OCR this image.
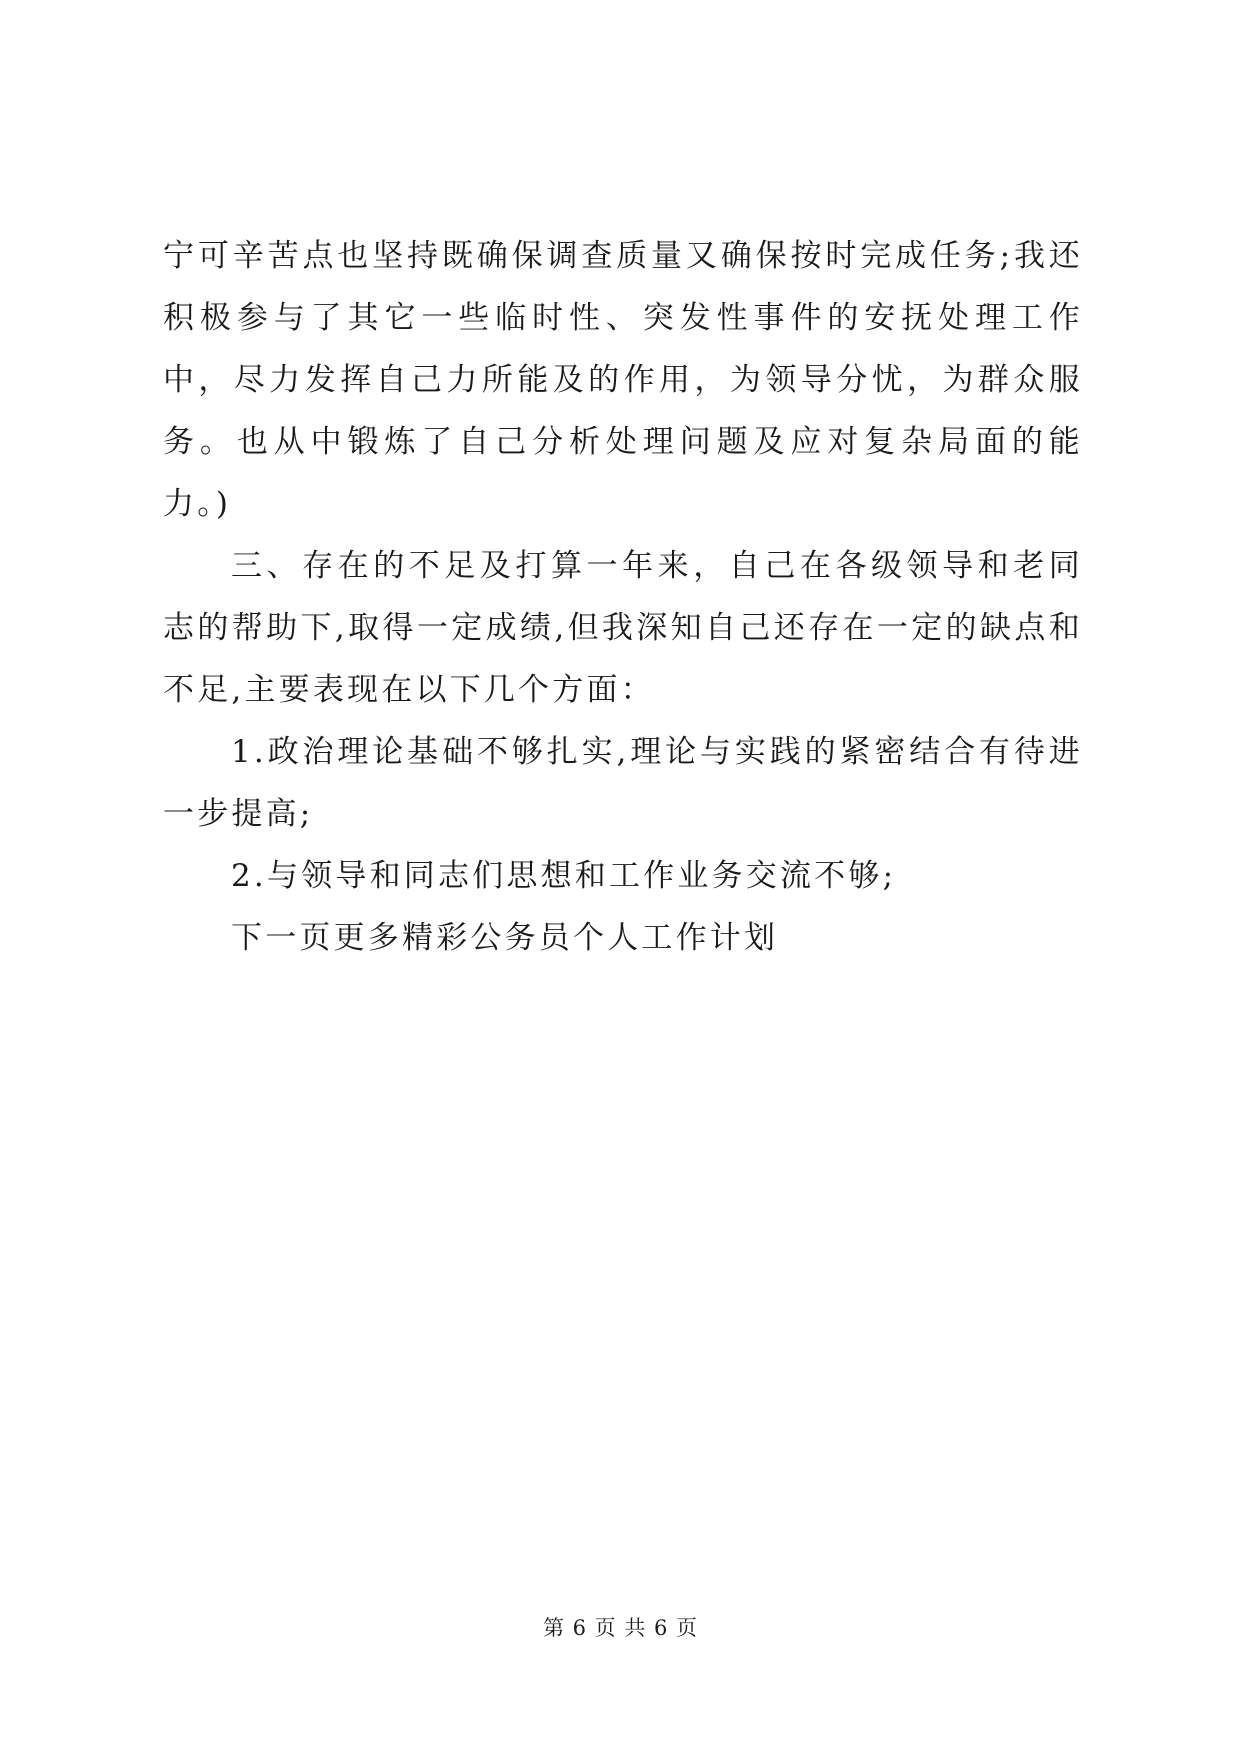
宁可辛苦点也坚持既确保调查质量又确保按时完成任务;我还积极参与了其它一些临时性、突发性事件的安抚处理工作中，尽力发挥自己力所能及的作用，为领导分忧，为群众服务。也从中锻炼了自己分析处理问题及应对复杂局面的能力。)

三、存在的不足及打算一年来，自己在各级领导和老同志的帮助下,取得一定成绩,但我深知自己还存在一定的缺点和不足,主要表现在以下几个方面：

1.政治理论基础不够扎实,理论与实践的紧密结合有待进一步提高;

2.与领导和同志们思想和工作业务交流不够;

下一页更多精彩公务员个人工作计划

第 6 页 共 6 页
